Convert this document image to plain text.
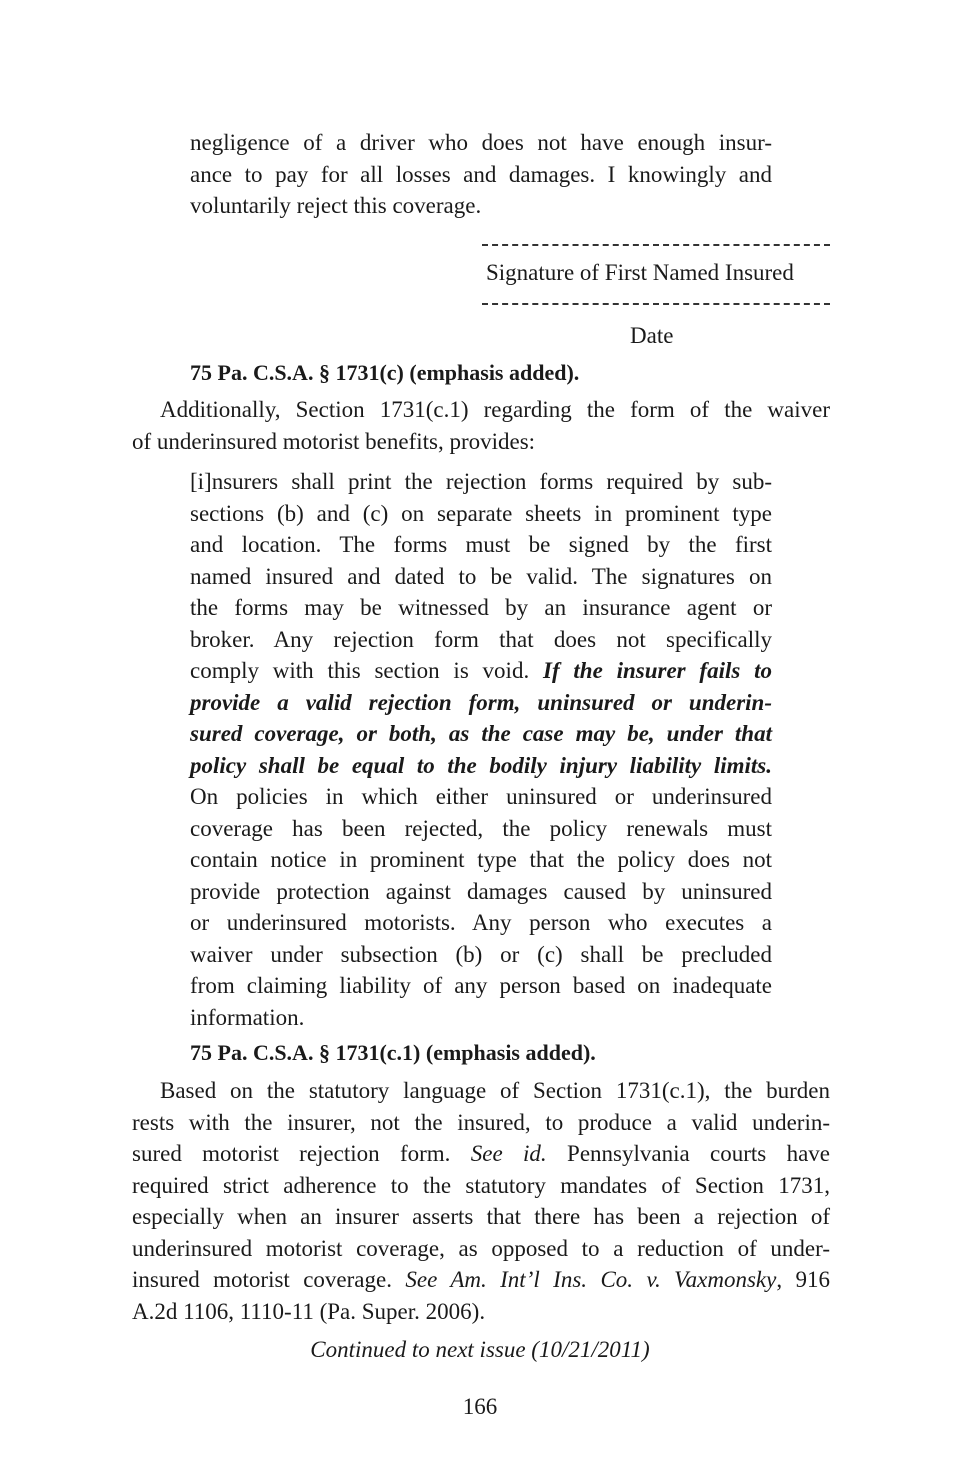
negligence of a driver who does not have enough insur-
ance to pay for all losses and damages. I knowingly and
voluntarily reject this coverage.
Signature of First Named Insured
Date
75 Pa. C.S.A. § 1731(c) (emphasis added).
Additionally, Section 1731(c.1) regarding the form of the waiver
of underinsured motorist benefits, provides:
[i]nsurers shall print the rejection forms required by sub-
sections (b) and (c) on separate sheets in prominent type
and location. The forms must be signed by the first
named insured and dated to be valid. The signatures on
the forms may be witnessed by an insurance agent or
broker. Any rejection form that does not specifically
comply with this section is void. If the insurer fails to
provide a valid rejection form, uninsured or underin-
sured coverage, or both, as the case may be, under that
policy shall be equal to the bodily injury liability limits.
On policies in which either uninsured or underinsured
coverage has been rejected, the policy renewals must
contain notice in prominent type that the policy does not
provide protection against damages caused by uninsured
or underinsured motorists. Any person who executes a
waiver under subsection (b) or (c) shall be precluded
from claiming liability of any person based on inadequate
information.
75 Pa. C.S.A. § 1731(c.1) (emphasis added).
Based on the statutory language of Section 1731(c.1), the burden
rests with the insurer, not the insured, to produce a valid underin-
sured motorist rejection form. See id. Pennsylvania courts have
required strict adherence to the statutory mandates of Section 1731,
especially when an insurer asserts that there has been a rejection of
underinsured motorist coverage, as opposed to a reduction of under-
insured motorist coverage. See Am. Int’l Ins. Co. v. Vaxmonsky, 916
A.2d 1106, 1110-11 (Pa. Super. 2006).
Continued to next issue (10/21/2011)
166
